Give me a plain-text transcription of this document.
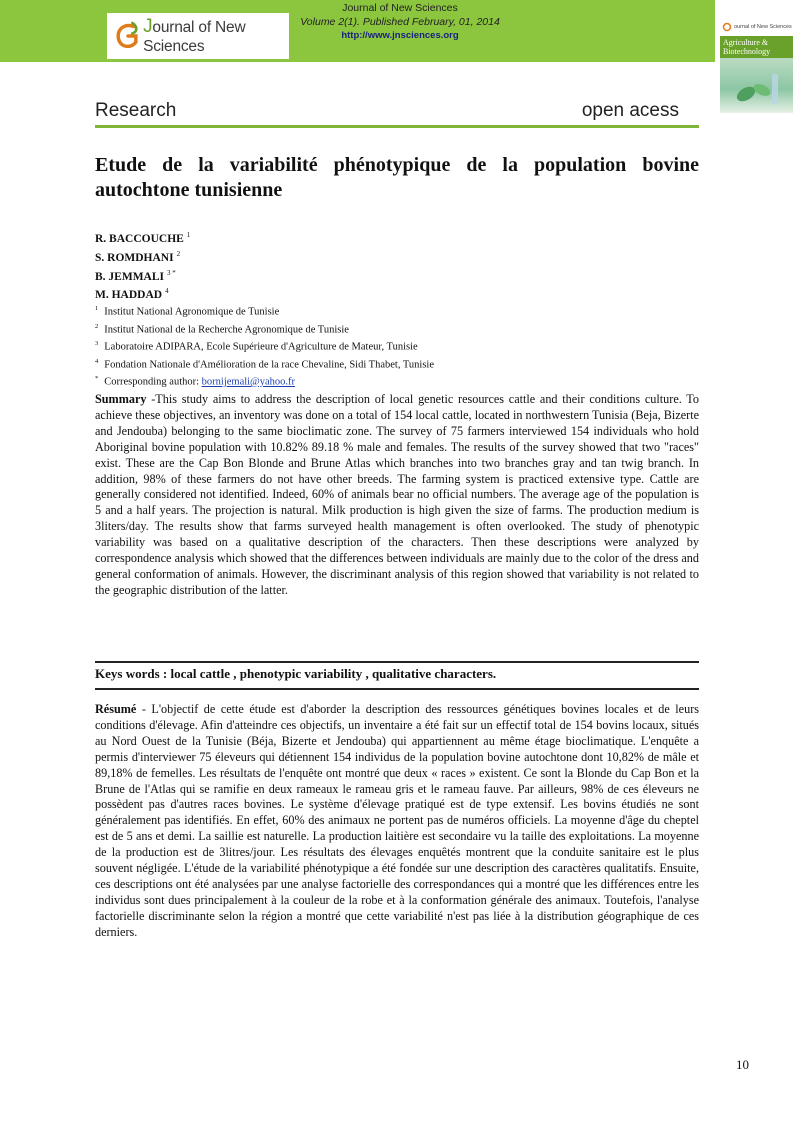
Journal of New Sciences
Journal of New Sciences
Volume 2(1). Published February, 01, 2014
http://www.jnsciences.org
ournal of New Sciences
Agriculture & Biotechnology
Research	open acess
Etude de la variabilité phénotypique de la population bovine autochtone tunisienne
R. BACCOUCHE $^1$
S. ROMDHANI $^2$
B. JEMMALI $^{3 *}$
M. HADDAD $^4$
$^1$ Institut National Agronomique de Tunisie
$^2$ Institut National de la Recherche Agronomique de Tunisie
$^3$ Laboratoire ADIPARA, Ecole Supérieure d'Agriculture de Mateur, Tunisie
$^4$ Fondation Nationale d'Amélioration de la race Chevaline, Sidi Thabet, Tunisie
* Corresponding author: bornijemali@yahoo.fr

Summary -This study aims to address the description of local genetic resources cattle and their conditions culture. To achieve these objectives, an inventory was done on a total of 154 local cattle, located in northwestern Tunisia (Beja, Bizerte and Jendouba) belonging to the same bioclimatic zone. The survey of 75 farmers interviewed 154 individuals who hold Aboriginal bovine population with 10.82% 89.18 % male and females. The results of the survey showed that two "races" exist. These are the Cap Bon Blonde and Brune Atlas which branches into two branches gray and tan twig branch. In addition, 98% of these farmers do not have other breeds. The farming system is practiced extensive type. Cattle are generally considered not identified. Indeed, 60% of animals bear no official numbers. The average age of the population is 5 and a half years. The projection is natural. Milk production is high given the size of farms. The production medium is 3liters/day. The results show that farms surveyed health management is often overlooked. The study of phenotypic variability was based on a qualitative description of the characters. Then these descriptions were analyzed by correspondence analysis which showed that the differences between individuals are mainly due to the color of the dress and general conformation of animals. However, the discriminant analysis of this region showed that variability is not related to the geographic distribution of the latter.

Keys words : local cattle , phenotypic variability , qualitative characters.

Résumé - L'objectif de cette étude est d'aborder la description des ressources génétiques bovines locales et de leurs conditions d'élevage. Afin d'atteindre ces objectifs, un inventaire a été fait sur un effectif total de 154 bovins locaux, situés au Nord Ouest de la Tunisie (Béja, Bizerte et Jendouba) qui appartiennent au même étage bioclimatique. L'enquête a permis d'interviewer 75 éleveurs qui détiennent 154 individus de la population bovine autochtone dont 10,82% de mâle et 89,18% de femelles. Les résultats de l'enquête ont montré que deux « races » existent. Ce sont la Blonde du Cap Bon et la Brune de l'Atlas qui se ramifie en deux rameaux le rameau gris et le rameau fauve. Par ailleurs, 98% de ces éleveurs ne possèdent pas d'autres races bovines. Le système d'élevage pratiqué est de type extensif. Les bovins étudiés ne sont généralement pas identifiés. En effet, 60% des animaux ne portent pas de numéros officiels. La moyenne d'âge du cheptel est de 5 ans et demi. La saillie est naturelle. La production laitière est secondaire vu la taille des exploitations. La moyenne de la production est de 3litres/jour. Les résultats des élevages enquêtés montrent que la conduite sanitaire est le plus souvent négligée. L'étude de la variabilité phénotypique a été fondée sur une description des caractères qualitatifs. Ensuite, ces descriptions ont été analysées par une analyse factorielle des correspondances qui a montré que les différences entre les individus sont dues principalement à la couleur de la robe et à la conformation générale des animaux. Toutefois, l'analyse factorielle discriminante selon la région a montré que cette variabilité n'est pas liée à la distribution géographique de ces derniers.

10
